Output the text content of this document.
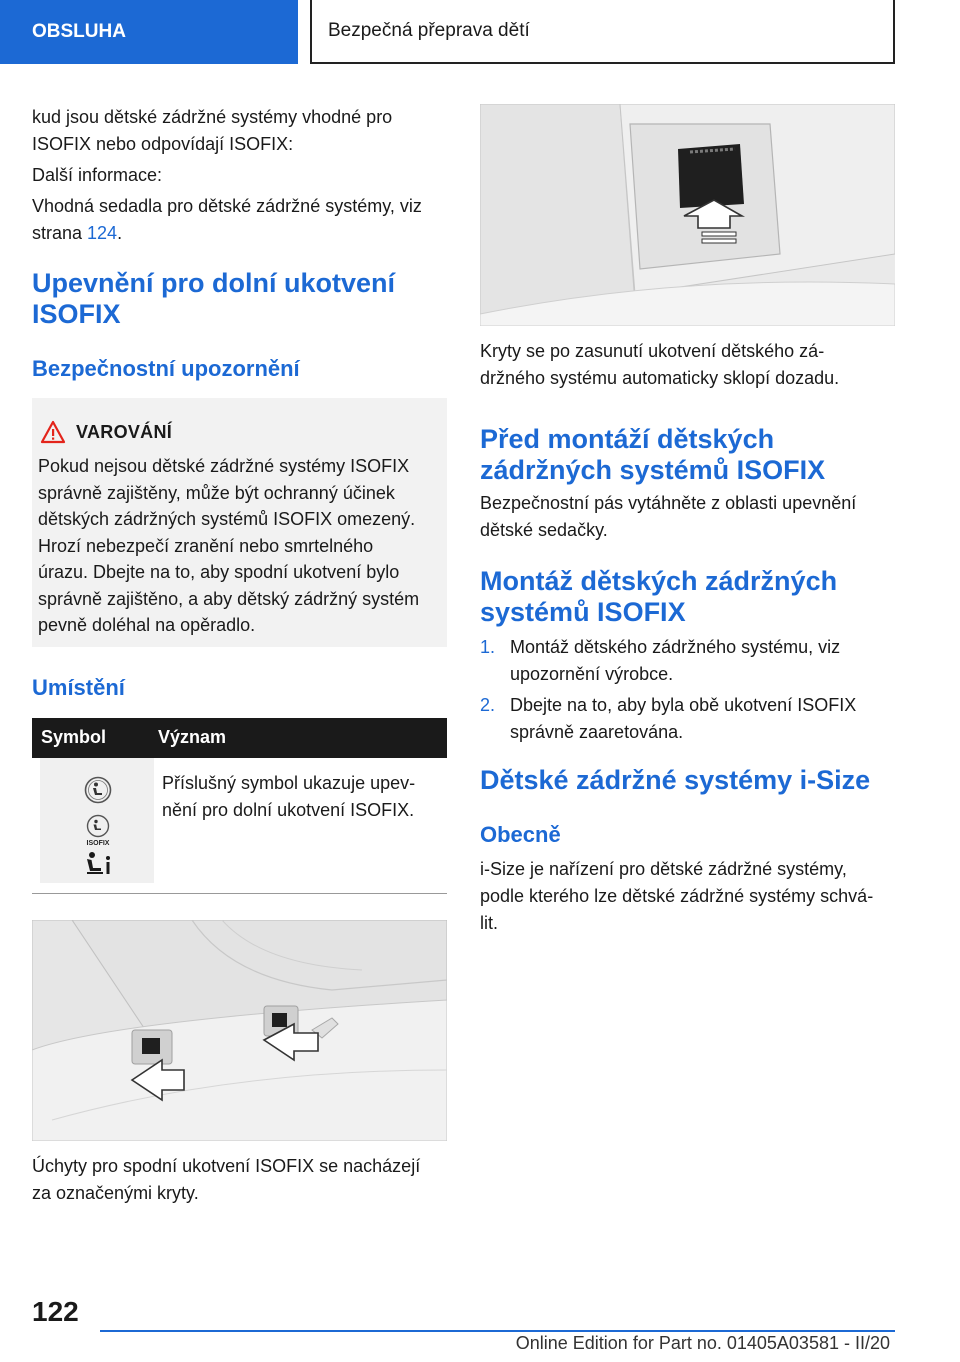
OBSLUHA	Bezpečná přeprava dětí
kud jsou dětské zádržné systémy vhodné pro
ISOFIX nebo odpovídají ISOFIX:
Další informace:
Vhodná sedadla pro dětské zádržné systémy, viz
strana 124.
Upevnění pro dolní ukotvení
ISOFIX
Bezpečnostní upozornění
VAROVÁNÍ
Pokud nejsou dětské zádržné systémy ISOFIX
správně zajištěny, může být ochranný účinek
dětských zádržných systémů ISOFIX omezený.
Hrozí nebezpečí zranění nebo smrtelného
úrazu. Dbejte na to, aby spodní ukotvení bylo
správně zajištěno, a aby dětský zádržný systém
pevně doléhal na opěradlo.
Umístění
Symbol	Význam
ISOFIX
Příslušný symbol ukazuje upev-
nění pro dolní ukotvení ISOFIX.
Úchyty pro spodní ukotvení ISOFIX se nacházejí
za označenými kryty.
Kryty se po zasunutí ukotvení dětského zá-
držného systému automaticky sklopí dozadu.
Před montáží dětských
zádržných systémů ISOFIX
Bezpečnostní pás vytáhněte z oblasti upevnění
dětské sedačky.
Montáž dětských zádržných
systémů ISOFIX
1. Montáž dětského zádržného systému, viz
upozornění výrobce.
2. Dbejte na to, aby byla obě ukotvení ISOFIX
správně zaaretována.
Dětské zádržné systémy i-Size
Obecně
i-Size je nařízení pro dětské zádržné systémy,
podle kterého lze dětské zádržné systémy schvá-
lit.
122
Online Edition for Part no. 01405A03581 - II/20
